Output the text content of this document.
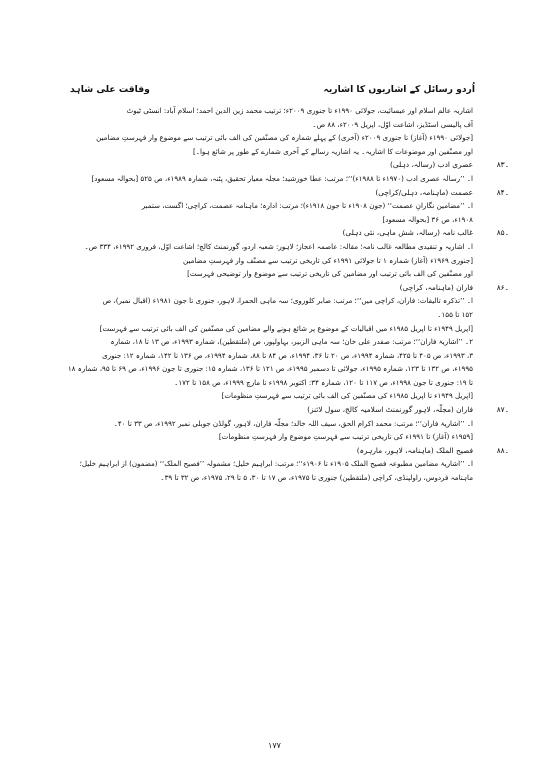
اُردو رسائل کے اشاریوں کا اشاریہ
وفاقت علی شاہد
اشاریہ عالم اسلام اور عیسائیت، جولائی ۱۹۹۰ء تا جنوری ۲۰۰۹ء؛ ترتیب محمد زین الدین احمد؛ اسلام آباد: انسٹی ٹیوٹ
آف پالیسی اسٹڈیز، اشاعت اوّل، اپریل ۲۰۰۹ء، ۸۸ ص۔
[جولائی ۱۹۹۰ء (آغاز) تا جنوری ۲۰۰۹ء (آخری) کے پہلے شمارہ کی مصنّفین کی الف بائی ترتیب سے موضوع وار فہرستِ مضامین
اور مصنّفین اور موضوعات کا اشاریہ۔ یہ اشاریہ رسالے کے آخری شمارے کے طور پر شائع ہوا۔]
۸۳۔
عصری ادب (رسالہ، دہلی)
ا۔ ’’رسالہ عصری ادب (۱۹۷۰ء تا ۱۹۸۸ء)‘‘؛ مرتب: عطا خورشید؛ مجلہ معیار تحقیق، پٹنہ، شمارہ ۱۹۸۹ء، ص ۵۲۵ [بحوالہ مسعود]
۸۴۔
عصمت (ماہنامہ، دہلی/کراچی)
ا۔ ’’مضامین نگارانِ عصمت‘‘ (جون ۱۹۰۸ء تا جون ۱۹۱۸ء)؛ مرتب: ادارہ؛ ماہنامہ عصمت، کراچی؛ اگست، ستمبر
۱۹۰۸ء، ص ۳۶ [بحوالہ مسعود]
۸۵۔
غالب نامہ (رسالہ، شش ماہی، نئی دہلی)
ا۔ اشاریہ و تنقیدی مطالعہ غالب نامہ؛ مقالہ: عاصمہ اعجاز؛ لاہور: شعبہ اردو، گورنمنٹ کالج؛ اشاعت اوّل، فروری ۱۹۹۲ء، ۳۳۴ ص۔
[جنوری ۱۹۶۹ء (آغاز) شمارہ ۱ تا جولائی ۱۹۹۱ء کی تاریخی ترتیب سے مصنّف وار فہرستِ مضامین
اور مصنّفین کی الف بائی ترتیب اور مضامین کی تاریخی ترتیب سے موضوع وار توضیحی فہرست]
۸۶۔
فاران (ماہنامہ، کراچی)
ا۔ ’’تذکرہ تالیفات: فاران، کراچی میں‘‘؛ مرتب: صابر کلوروی؛ سہ ماہی الحمرا، لاہور، جنوری تا جون ۱۹۸۱ء (اقبال نمبر)، ص
۱۵۲ تا ۱۵۵۔
[اپریل ۱۹۴۹ء تا اپریل ۱۹۸۵ء میں اقبالیات کے موضوع پر شائع ہونے والے مضامین کی مصنّفین کی الف بائی ترتیب سے فہرست]
۲۔ ’’اشاریۂ فاران‘‘؛ مرتب: صفدر علی خان؛ سہ ماہی الزبیر، بہاولپور، ص (ملتقطین)، شمارہ ۱۹۹۳ء، ص ۱۳ تا ۱۸، شمارہ
۳، ۱۹۹۳ء، ص ۴۰۵ تا ۴۲۵، شمارہ ۱۹۹۴ء، ص ۲۰ تا ۳۶، ۱۹۹۴ء، ص ۸۴ تا ۸۸، شمارہ ۱۹۹۴ء، ص ۱۳۶ تا ۱۴۲، شمارہ ۱۲: جنوری
۱۹۹۵ء، ص ۱۳۲ تا ۱۲۳، شمارہ ۱۹۹۵ء، جولائی تا دسمبر ۱۹۹۵ء، ص ۱۲۱ تا ۱۳۶، شمارہ ۱۵: جنوری تا جون ۱۹۹۶ء، ص ۶۹ تا ۹۵، شمارہ ۱۸
تا ۱۹: جنوری تا جون ۱۹۹۸ء، ص ۱۱۷ تا ۱۲۰، شمارہ ۳۴: اکتوبر ۱۹۹۸ء تا مارچ ۱۹۹۹ء، ص ۱۵۸ تا ۱۷۲۔
[اپریل ۱۹۴۹ء تا اپریل ۱۹۸۵ء کی مصنّفین کی الف بائی ترتیب سے فہرستِ منظومات]
۸۷۔
فاران (مجلّہ، لاہور گورنمنٹ اسلامیہ کالج، سول لائنز)
ا۔ ’’اشاریۂ فاران‘‘؛ مرتب: محمد اکرام الحق، سیف اللہ خالد؛ مجلّہ فاران، لاہور، گولڈن جوبلی نمبر ۱۹۹۲ء، ص ۳۳ تا ۴۰۔
[۱۹۵۹ء (آغاز) تا ۱۹۹۱ء کی تاریخی ترتیب سے فہرستِ موضوع وار فہرستِ منظومات]
۸۸۔
فصیح الملک (ماہنامہ، لاہور، مارہرہ)
ا۔ ’’اشاریۂ مضامین مطبوعہ فصیح الملک ۱۹۰۵ء تا ۱۹۰۶ء‘‘؛ مرتب: ابراہیم خلیل؛ مشمولہ ’’فصیح الملک‘‘ (مضمون) از ابراہیم خلیل؛
ماہنامہ فردوس، راولپنڈی، کراچی (ملتقطین) جنوری تا ۱۹۷۵ء، ص ۱۷ تا ۳۰، ۵ تا ۲۹، ۱۹۷۵ء، ص ۳۲ تا ۳۹۔
۱۷۷
